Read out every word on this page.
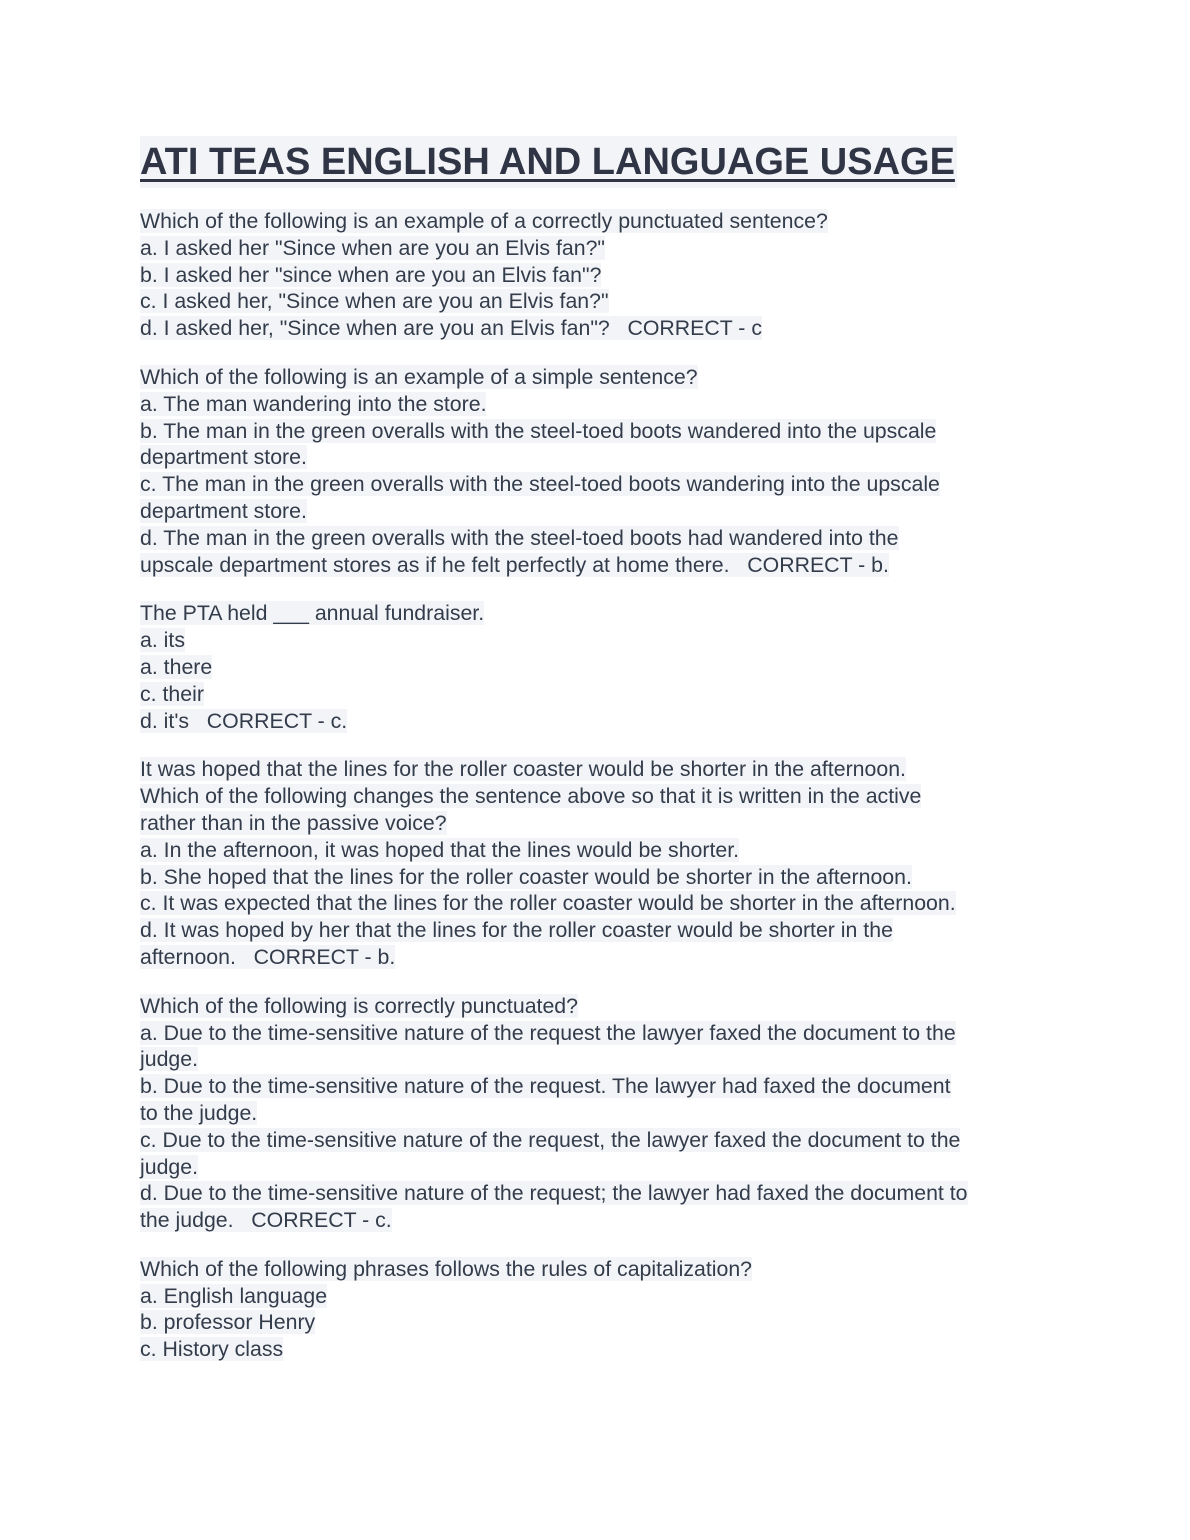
ATI TEAS ENGLISH AND LANGUAGE USAGE
Which of the following is an example of a correctly punctuated sentence?
a. I asked her "Since when are you an Elvis fan?"
b. I asked her "since when are you an Elvis fan"?
c. I asked her, "Since when are you an Elvis fan?"
d. I asked her, "Since when are you an Elvis fan"?   CORRECT - c
Which of the following is an example of a simple sentence?
a. The man wandering into the store.
b. The man in the green overalls with the steel-toed boots wandered into the upscale
department store.
c. The man in the green overalls with the steel-toed boots wandering into the upscale
department store.
d. The man in the green overalls with the steel-toed boots had wandered into the
upscale department stores as if he felt perfectly at home there.   CORRECT - b.
The PTA held ___ annual fundraiser.
a. its
a. there
c. their
d. it's   CORRECT - c.
It was hoped that the lines for the roller coaster would be shorter in the afternoon.
Which of the following changes the sentence above so that it is written in the active
rather than in the passive voice?
a. In the afternoon, it was hoped that the lines would be shorter.
b. She hoped that the lines for the roller coaster would be shorter in the afternoon.
c. It was expected that the lines for the roller coaster would be shorter in the afternoon.
d. It was hoped by her that the lines for the roller coaster would be shorter in the
afternoon.   CORRECT - b.
Which of the following is correctly punctuated?
a. Due to the time-sensitive nature of the request the lawyer faxed the document to the
judge.
b. Due to the time-sensitive nature of the request. The lawyer had faxed the document
to the judge.
c. Due to the time-sensitive nature of the request, the lawyer faxed the document to the
judge.
d. Due to the time-sensitive nature of the request; the lawyer had faxed the document to
the judge.   CORRECT - c.
Which of the following phrases follows the rules of capitalization?
a. English language
b. professor Henry
c. History class
